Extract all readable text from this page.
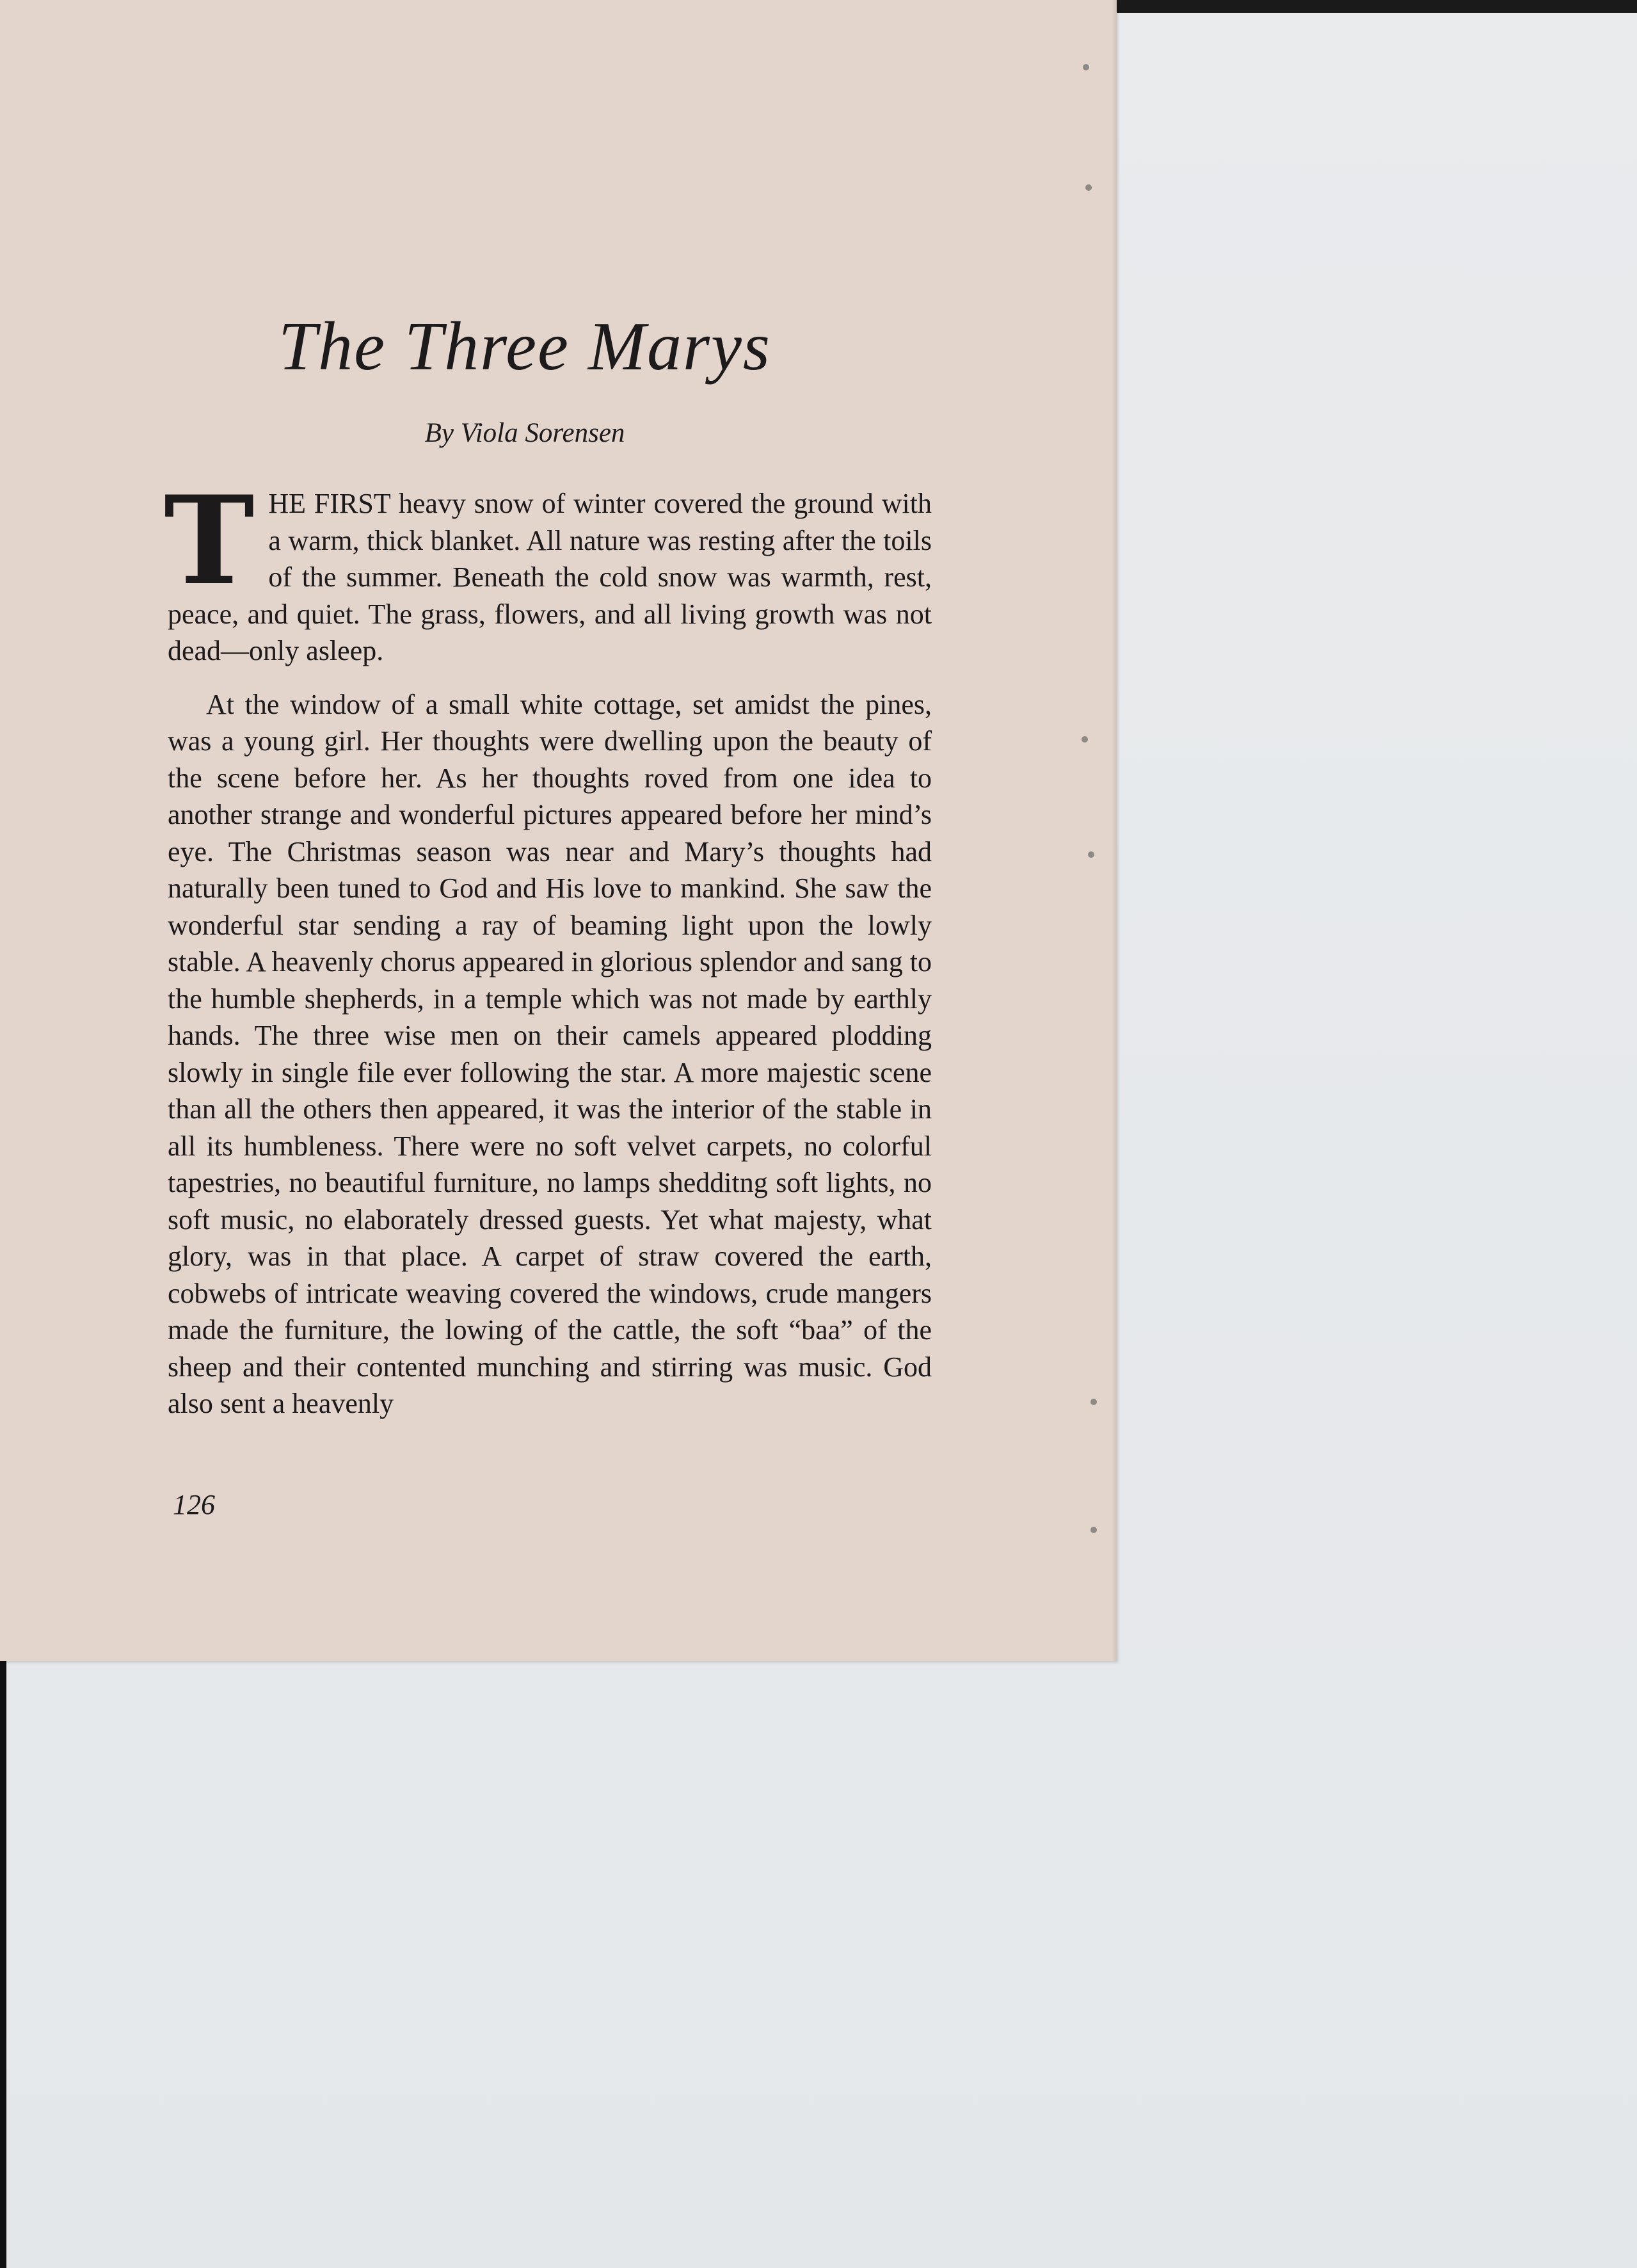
The Three Marys

By Viola Sorensen

T HE FIRST heavy snow of winter covered the ground with a warm, thick blanket. All nature was resting after the toils of the summer. Beneath the cold snow was warmth, rest, peace, and quiet. The grass, flowers, and all living growth was not dead—only asleep.

At the window of a small white cottage, set amidst the pines, was a young girl. Her thoughts were dwelling upon the beauty of the scene before her. As her thoughts roved from one idea to another strange and wonderful pictures appeared before her mind’s eye. The Christmas season was near and Mary’s thoughts had naturally been tuned to God and His love to mankind. She saw the wonderful star sending a ray of beaming light upon the lowly stable. A heavenly chorus appeared in glorious splendor and sang to the humble shepherds, in a temple which was not made by earthly hands. The three wise men on their camels appeared plodding slowly in single file ever following the star. A more majestic scene than all the others then appeared, it was the interior of the stable in all its humbleness. There were no soft velvet carpets, no colorful tapestries, no beautiful furniture, no lamps shedditng soft lights, no soft music, no elaborately dressed guests. Yet what majesty, what glory, was in that place. A carpet of straw covered the earth, cobwebs of intricate weaving covered the windows, crude mangers made the furniture, the lowing of the cattle, the soft “baa” of the sheep and their contented munching and stirring was music. God also sent a heavenly

126
